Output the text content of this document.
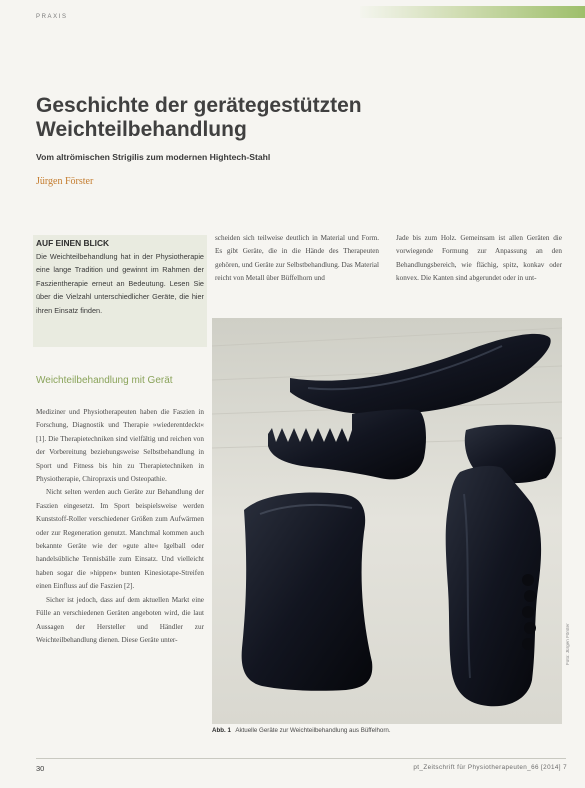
PRAXIS
Geschichte der gerätegestützten Weichteilbehandlung
Vom altrömischen Strigilis zum modernen Hightech-Stahl
Jürgen Förster
AUF EINEN BLICK
Die Weichteilbehandlung hat in der Physiotherapie eine lange Tradition und gewinnt im Rahmen der Faszientherapie erneut an Bedeutung. Lesen Sie über die Vielzahl unterschiedlicher Geräte, die hier ihren Einsatz finden.
Weichteilbehandlung mit Gerät

Mediziner und Physiotherapeuten haben die Faszien in Forschung, Diagnostik und Therapie »wiederentdeckt« [1]. Die Therapietechniken sind vielfältig und reichen von der Vorbereitung beziehungsweise Selbstbehandlung in Sport und Fitness bis hin zu Therapietechniken in Physiotherapie, Chiropraxis und Osteopathie.

Nicht selten werden auch Geräte zur Behandlung der Faszien eingesetzt. Im Sport beispielsweise werden Kunststoff-Roller verschiedener Größen zum Aufwärmen oder zur Regeneration genutzt. Manchmal kommen auch bekannte Geräte wie der »gute alte« Igelball oder handelsübliche Tennisbälle zum Einsatz. Und vielleicht haben sogar die »hippen« bunten Kinesiotape-Streifen einen Einfluss auf die Faszien [2].

Sicher ist jedoch, dass auf dem aktuellen Markt eine Fülle an verschiedenen Geräten angeboten wird, die laut Aussagen der Hersteller und Händler zur Weichteilbehandlung dienen. Diese Geräte unter-

scheiden sich teilweise deutlich in Material und Form. Es gibt Geräte, die in die Hände des Therapeuten gehören, und Geräte zur Selbstbehandlung. Das Material reicht von Metall über Büffelhorn und

Jade bis zum Holz. Gemeinsam ist allen Geräten die vorwiegende Formung zur Anpassung an den Behandlungsbereich, wie flächig, spitz, konkav oder konvex. Die Kanten sind abgerundet oder in unt-

Abb. 1 Aktuelle Geräte zur Weichteilbehandlung aus Büffelhorn.
Foto: Jürgen Förster
30	pt_Zeitschrift für Physiotherapeuten_66 [2014] 7
